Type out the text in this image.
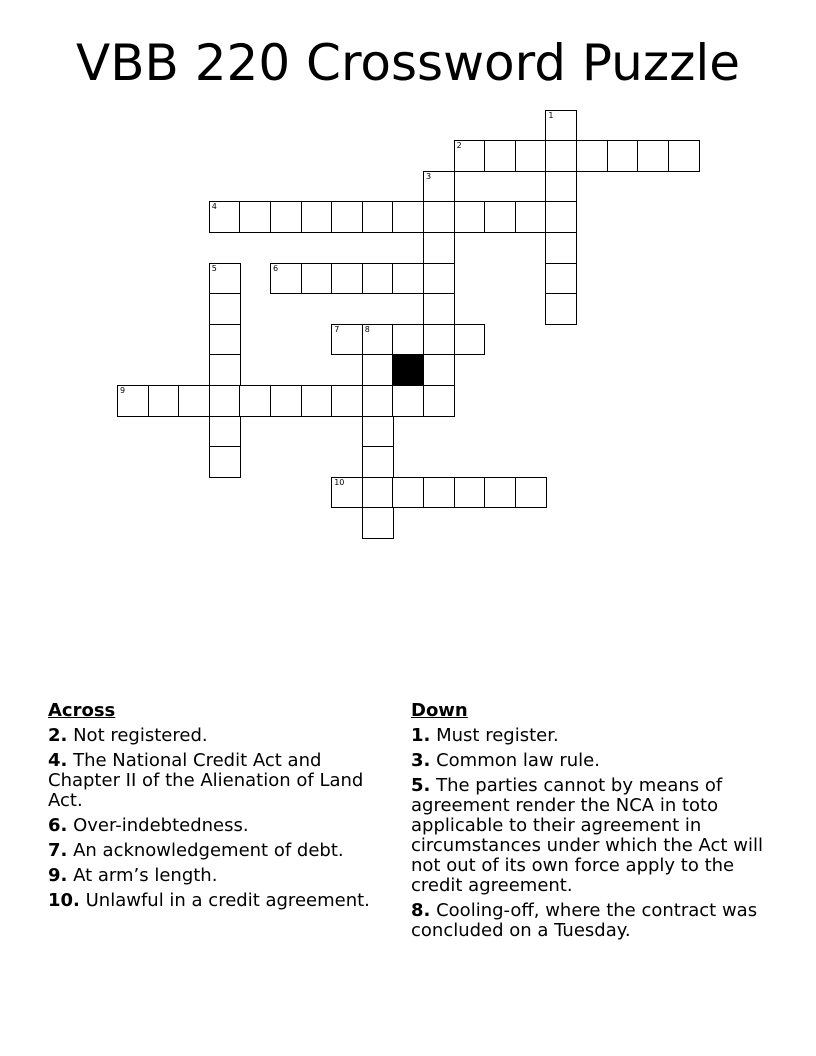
VBB 220 Crossword Puzzle
1
2
3
4
5	6
7	8
9
10
Across
2. Not registered.
4. The National Credit Act and Chapter II of the Alienation of Land Act.
6. Over-indebtedness.
7. An acknowledgement of debt.
9. At arm’s length.
10. Unlawful in a credit agreement.
Down
1. Must register.
3. Common law rule.
5. The parties cannot by means of agreement render the NCA in toto applicable to their agreement in circumstances under which the Act will not out of its own force apply to the credit agreement.
8. Cooling-off, where the contract was concluded on a Tuesday.
